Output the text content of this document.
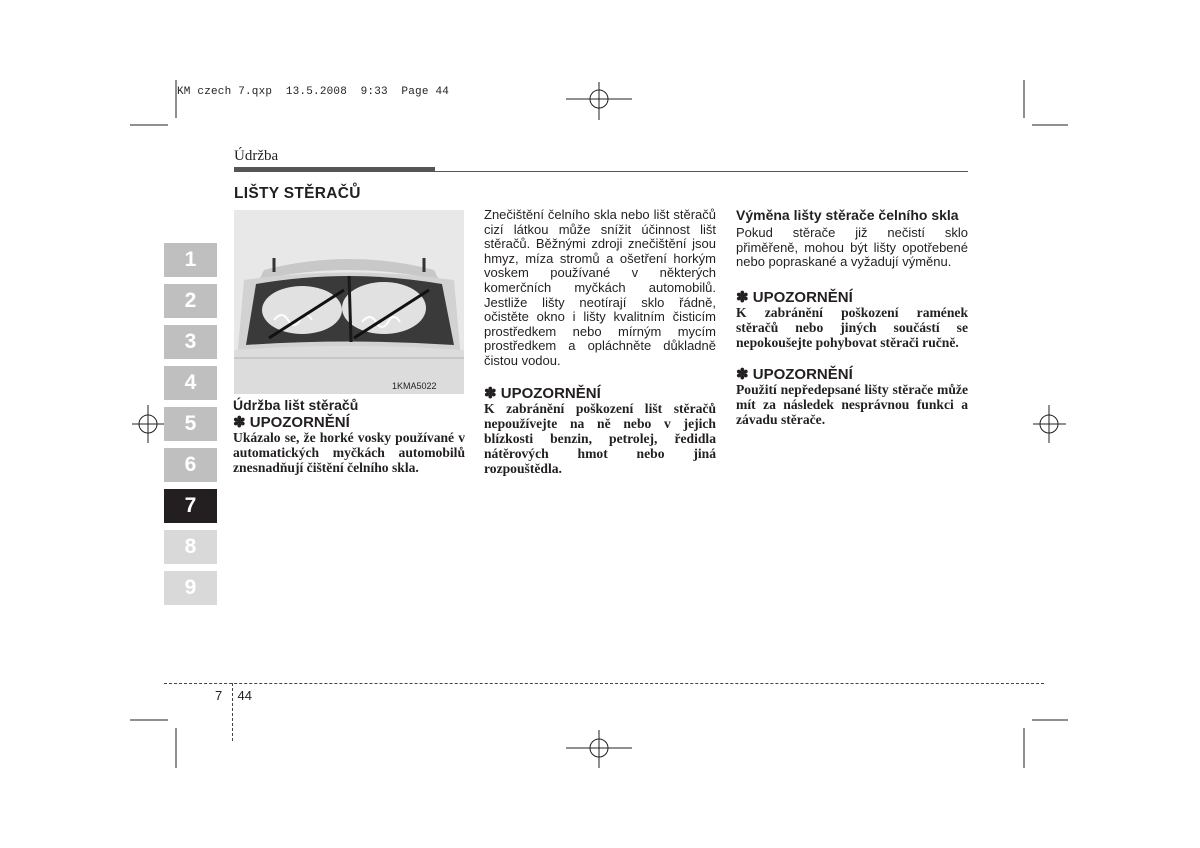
KM czech 7.qxp  13.5.2008  9:33  Page 44
Údržba
LIŠTY STĚRAČŮ
1
2
3
4
5
6
7
8
9
1KMA5022
Údržba lišt stěračů
✽ UPOZORNĚNÍ
Ukázalo se, že horké vosky používané v automatických myčkách automobilů znesnadňují čištění čelního skla.
Znečištění čelního skla nebo lišt stěračů cizí látkou může snížit účinnost lišt stěračů. Běžnými zdroji znečištění jsou hmyz, míza stromů a ošetření horkým voskem používané v některých komerčních myčkách automobilů. Jestliže lišty neotírají sklo řádně, očistěte okno i lišty kvalitním čisticím prostředkem nebo mírným mycím prostředkem a opláchněte důkladně čistou vodou.
✽ UPOZORNĚNÍ
K zabránění poškození lišt stěračů nepoužívejte na ně nebo v jejich blízkosti benzin, petrolej, ředidla nátěrových hmot nebo jiná rozpouštědla.
Výměna lišty stěrače čelního skla
Pokud stěrače již nečistí sklo přiměřeně, mohou být lišty opotřebené nebo popraskané a vyžadují výměnu.
✽ UPOZORNĚNÍ
K zabránění poškození ramének stěračů nebo jiných součástí se nepokoušejte pohybovat stěrači ručně.
✽ UPOZORNĚNÍ
Použití nepředepsané lišty stěrače může mít za následek nesprávnou funkci a závadu stěrače.
7 44
